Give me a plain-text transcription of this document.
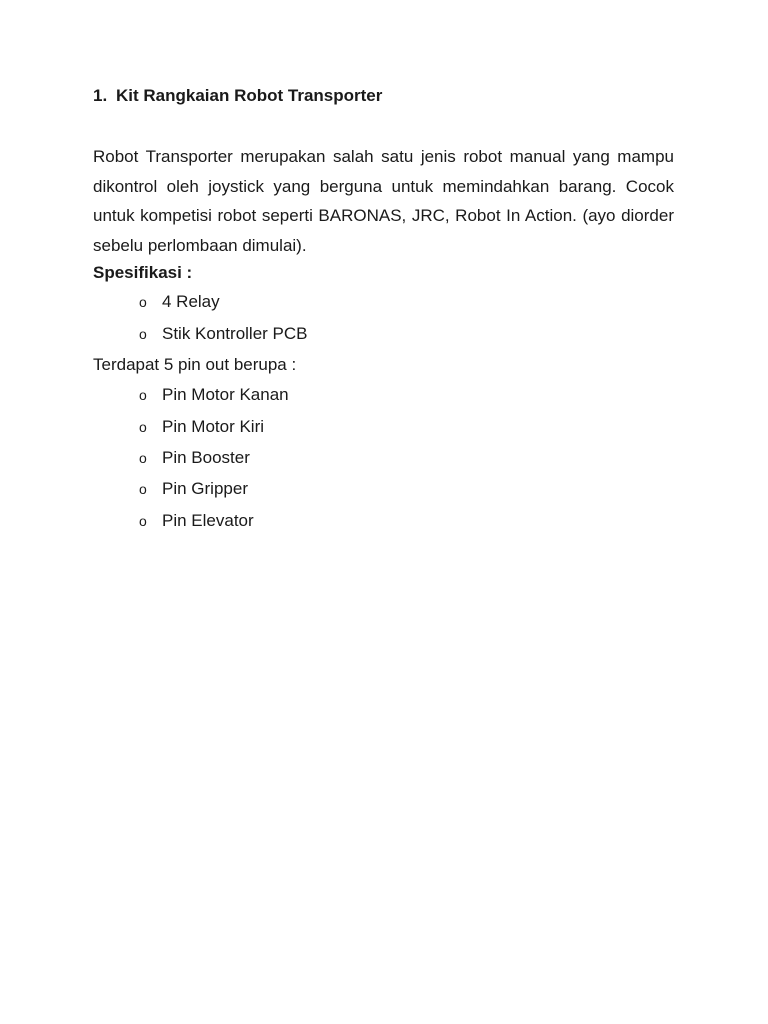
1. Kit Rangkaian Robot Transporter

Robot Transporter merupakan salah satu jenis robot manual yang mampu dikontrol oleh joystick yang berguna untuk memindahkan barang. Cocok untuk kompetisi robot seperti BARONAS, JRC, Robot In Action. (ayo diorder sebelu perlombaan dimulai).

Spesifikasi :
o 4 Relay
o Stik Kontroller PCB
Terdapat 5 pin out berupa :
o Pin Motor Kanan
o Pin Motor Kiri
o Pin Booster
o Pin Gripper
o Pin Elevator
